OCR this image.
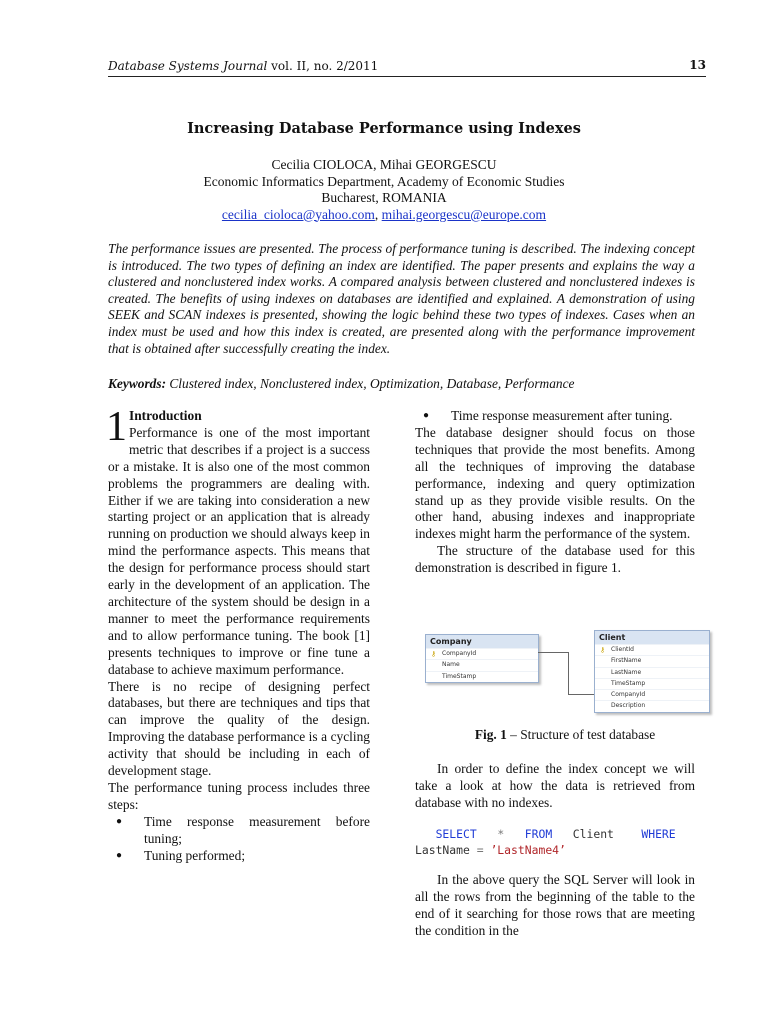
Database Systems Journal vol. II, no. 2/2011	13
Increasing Database Performance using Indexes
Cecilia CIOLOCA, Mihai GEORGESCU
Economic Informatics Department, Academy of Economic Studies
Bucharest, ROMANIA
cecilia_cioloca@yahoo.com, mihai.georgescu@europe.com

The performance issues are presented. The process of performance tuning is described. The indexing concept is introduced. The two types of defining an index are identified. The paper presents and explains the way a clustered and nonclustered index works. A compared analysis between clustered and nonclustered indexes is created. The benefits of using indexes on databases are identified and explained. A demonstration of using SEEK and SCAN indexes is presented, showing the logic behind these two types of indexes. Cases when an index must be used and how this index is created, are presented along with the performance improvement that is obtained after successfully creating the index.

Keywords: Clustered index, Nonclustered index, Optimization, Database, Performance

1 Introduction
Performance is one of the most important metric that describes if a project is a success or a mistake. It is also one of the most common problems the programmers are dealing with. Either if we are taking into consideration a new starting project or an application that is already running on production we should always keep in mind the performance aspects. This means that the design for performance process should start early in the development of an application. The architecture of the system should be design in a manner to meet the performance requirements and to allow performance tuning. The book [1] presents techniques to improve or fine tune a database to achieve maximum performance.

There is no recipe of designing perfect databases, but there are techniques and tips that can improve the quality of the design. Improving the database performance is a cycling activity that should be including in each of development stage.

The performance tuning process includes three steps:

● Time response measurement before tuning;
● Tuning performed;
● Time response measurement after tuning.

The database designer should focus on those techniques that provide the most benefits. Among all the techniques of improving the database performance, indexing and query optimization stand up as they provide visible results. On the other hand, abusing indexes and inappropriate indexes might harm the performance of the system.

The structure of the database used for this demonstration is described in figure 1.

Company
⚷ CompanyId
Name
TimeStamp
Client
⚷ ClientId
FirstName
LastName
TimeStamp
CompanyId
Description
Fig. 1 – Structure of test database

In order to define the index concept we will take a look at how the data is retrieved from database with no indexes.

SELECT * FROM Client WHERE
LastName = ’LastName4’

In the above query the SQL Server will look in all the rows from the beginning of the table to the end of it searching for those rows that are meeting the condition in the
